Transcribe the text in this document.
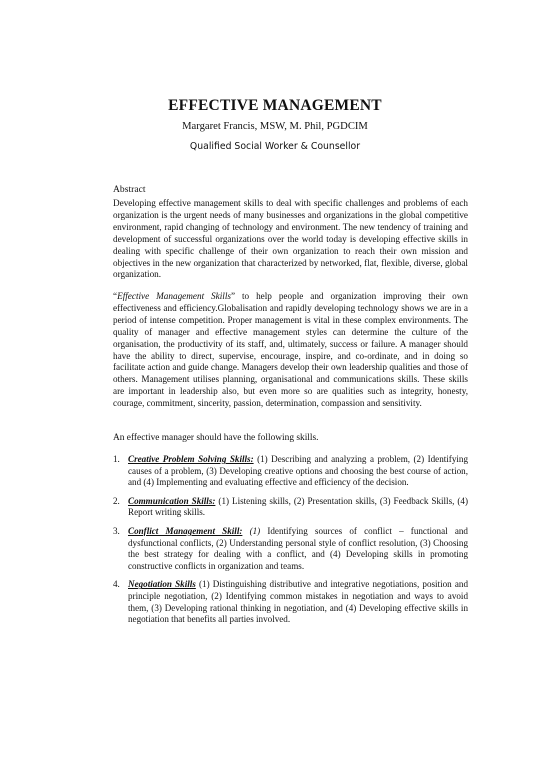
EFFECTIVE MANAGEMENT
Margaret Francis, MSW, M. Phil, PGDCIM
Qualified Social Worker & Counsellor
Abstract
Developing effective management skills to deal with specific challenges and problems of each organization is the urgent needs of many businesses and organizations in the global competitive environment, rapid changing of technology and environment. The new tendency of training and development of successful organizations over the world today is developing effective skills in dealing with specific challenge of their own organization to reach their own mission and objectives in the new organization that characterized by networked, flat, flexible, diverse, global organization.
“Effective Management Skills” to help people and organization improving their own effectiveness and efficiency.Globalisation and rapidly developing technology shows we are in a period of intense competition. Proper management is vital in these complex environments. The quality of manager and effective management styles can determine the culture of the organisation, the productivity of its staff, and, ultimately, success or failure. A manager should have the ability to direct, supervise, encourage, inspire, and co-ordinate, and in doing so facilitate action and guide change. Managers develop their own leadership qualities and those of others. Management utilises planning, organisational and communications skills. These skills are important in leadership also, but even more so are qualities such as integrity, honesty, courage, commitment, sincerity, passion, determination, compassion and sensitivity.
An effective manager should have the following skills.
1. Creative Problem Solving Skills: (1) Describing and analyzing a problem, (2) Identifying causes of a problem, (3) Developing creative options and choosing the best course of action, and (4) Implementing and evaluating effective and efficiency of the decision.
2. Communication Skills: (1) Listening skills, (2) Presentation skills, (3) Feedback Skills, (4) Report writing skills.
3. Conflict Management Skill: (1) Identifying sources of conflict – functional and dysfunctional conflicts, (2) Understanding personal style of conflict resolution, (3) Choosing the best strategy for dealing with a conflict, and (4) Developing skills in promoting constructive conflicts in organization and teams.
4. Negotiation Skills (1) Distinguishing distributive and integrative negotiations, position and principle negotiation, (2) Identifying common mistakes in negotiation and ways to avoid them, (3) Developing rational thinking in negotiation, and (4) Developing effective skills in negotiation that benefits all parties involved.
